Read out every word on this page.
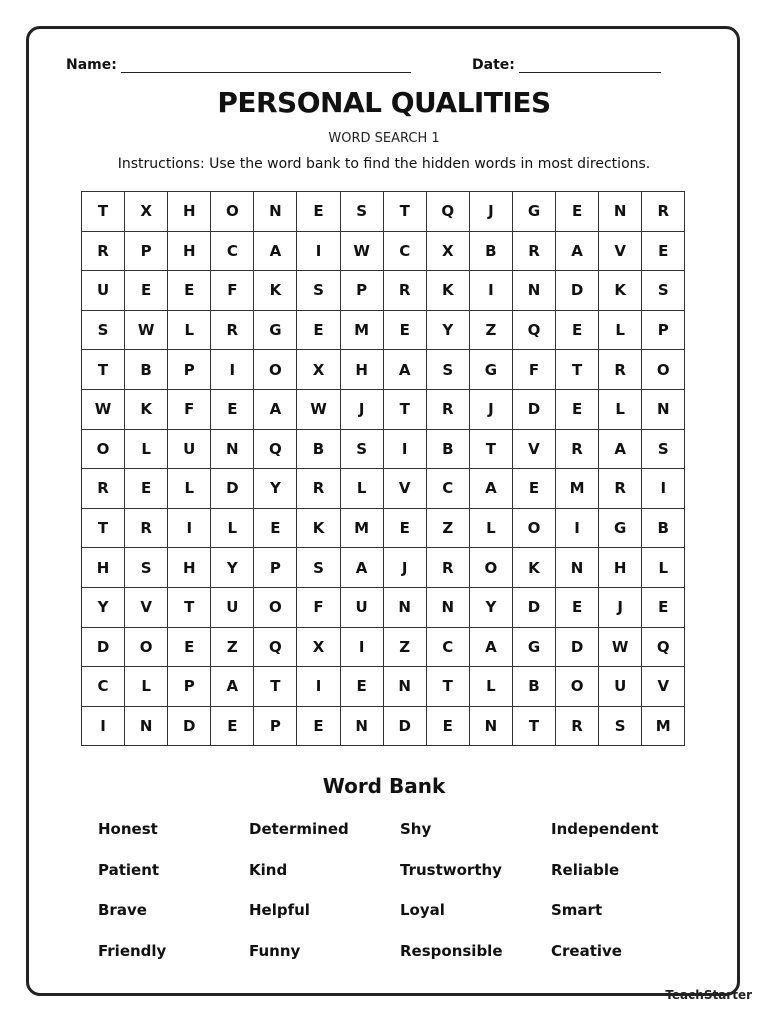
Name:	Date:
PERSONAL QUALITIES
WORD SEARCH 1
Instructions: Use the word bank to find the hidden words in most directions.
T	X	H	O	N	E	S	T	Q	J	G	E	N	R
R	P	H	C	A	I	W	C	X	B	R	A	V	E
U	E	E	F	K	S	P	R	K	I	N	D	K	S
S	W	L	R	G	E	M	E	Y	Z	Q	E	L	P
T	B	P	I	O	X	H	A	S	G	F	T	R	O
W	K	F	E	A	W	J	T	R	J	D	E	L	N
O	L	U	N	Q	B	S	I	B	T	V	R	A	S
R	E	L	D	Y	R	L	V	C	A	E	M	R	I
T	R	I	L	E	K	M	E	Z	L	O	I	G	B
H	S	H	Y	P	S	A	J	R	O	K	N	H	L
Y	V	T	U	O	F	U	N	N	Y	D	E	J	E
D	O	E	Z	Q	X	I	Z	C	A	G	D	W	Q
C	L	P	A	T	I	E	N	T	L	B	O	U	V
I	N	D	E	P	E	N	D	E	N	T	R	S	M
Word Bank
Honest	Determined	Shy	Independent
Patient	Kind	Trustworthy	Reliable
Brave	Helpful	Loyal	Smart
Friendly	Funny	Responsible	Creative
TeachStarter
